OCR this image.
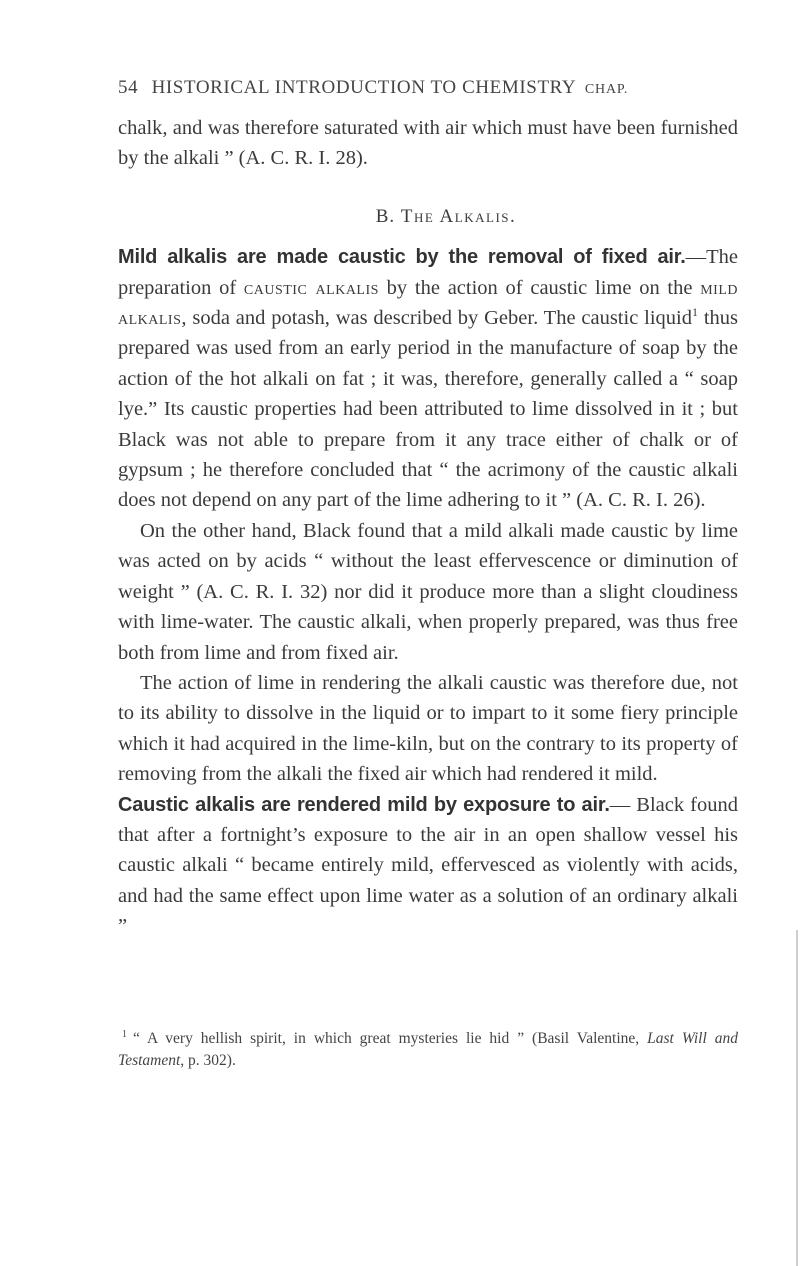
54 HISTORICAL INTRODUCTION TO CHEMISTRY CHAP.

chalk, and was therefore saturated with air which must have been furnished by the alkali ” (A. C. R. I. 28).

B. The Alkalis.

Mild alkalis are made caustic by the removal of fixed air.—The preparation of caustic alkalis by the action of caustic lime on the mild alkalis, soda and potash, was described by Geber. The caustic liquid$^1$ thus prepared was used from an early period in the manufacture of soap by the action of the hot alkali on fat ; it was, therefore, generally called a “ soap lye.” Its caustic properties had been attributed to lime dissolved in it ; but Black was not able to prepare from it any trace either of chalk or of gypsum ; he therefore concluded that “ the acrimony of the caustic alkali does not depend on any part of the lime adhering to it ” (A. C. R. I. 26).

On the other hand, Black found that a mild alkali made caustic by lime was acted on by acids “ without the least effervescence or diminution of weight ” (A. C. R. I. 32) nor did it produce more than a slight cloudiness with lime-water. The caustic alkali, when properly prepared, was thus free both from lime and from fixed air.

The action of lime in rendering the alkali caustic was therefore due, not to its ability to dissolve in the liquid or to impart to it some fiery principle which it had acquired in the lime-kiln, but on the contrary to its property of removing from the alkali the fixed air which had rendered it mild.

Caustic alkalis are rendered mild by exposure to air.— Black found that after a fortnight’s exposure to the air in an open shallow vessel his caustic alkali “ became entirely mild, effervesced as violently with acids, and had the same effect upon lime water as a solution of an ordinary alkali ”

$^1$ “ A very hellish spirit, in which great mysteries lie hid ” (Basil Valentine, Last Will and Testament, p. 302).
